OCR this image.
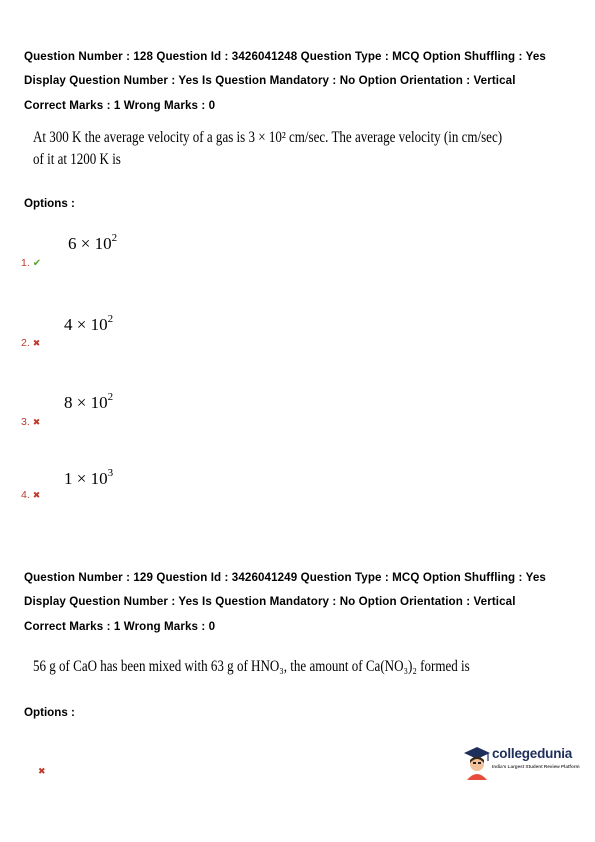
Question Number : 128 Question Id : 3426041248 Question Type : MCQ Option Shuffling : Yes
Display Question Number : Yes Is Question Mandatory : No Option Orientation : Vertical
Correct Marks : 1 Wrong Marks : 0
At 300 K the average velocity of a gas is 3 × 10² cm/sec. The average velocity (in cm/sec)
of it at 1200 K is
Options :
$6 \times 10^2$
1. ✔
$4 \times 10^2$
2. ✖
$8 \times 10^2$
3. ✖
$1 \times 10^3$
4. ✖
Question Number : 129 Question Id : 3426041249 Question Type : MCQ Option Shuffling : Yes
Display Question Number : Yes Is Question Mandatory : No Option Orientation : Vertical
Correct Marks : 1 Wrong Marks : 0
56 g of CaO has been mixed with 63 g of HNO₃, the amount of Ca(NO₃)₂ formed is
Options :
✖
collegedunia
India's Largest Student Review Platform
